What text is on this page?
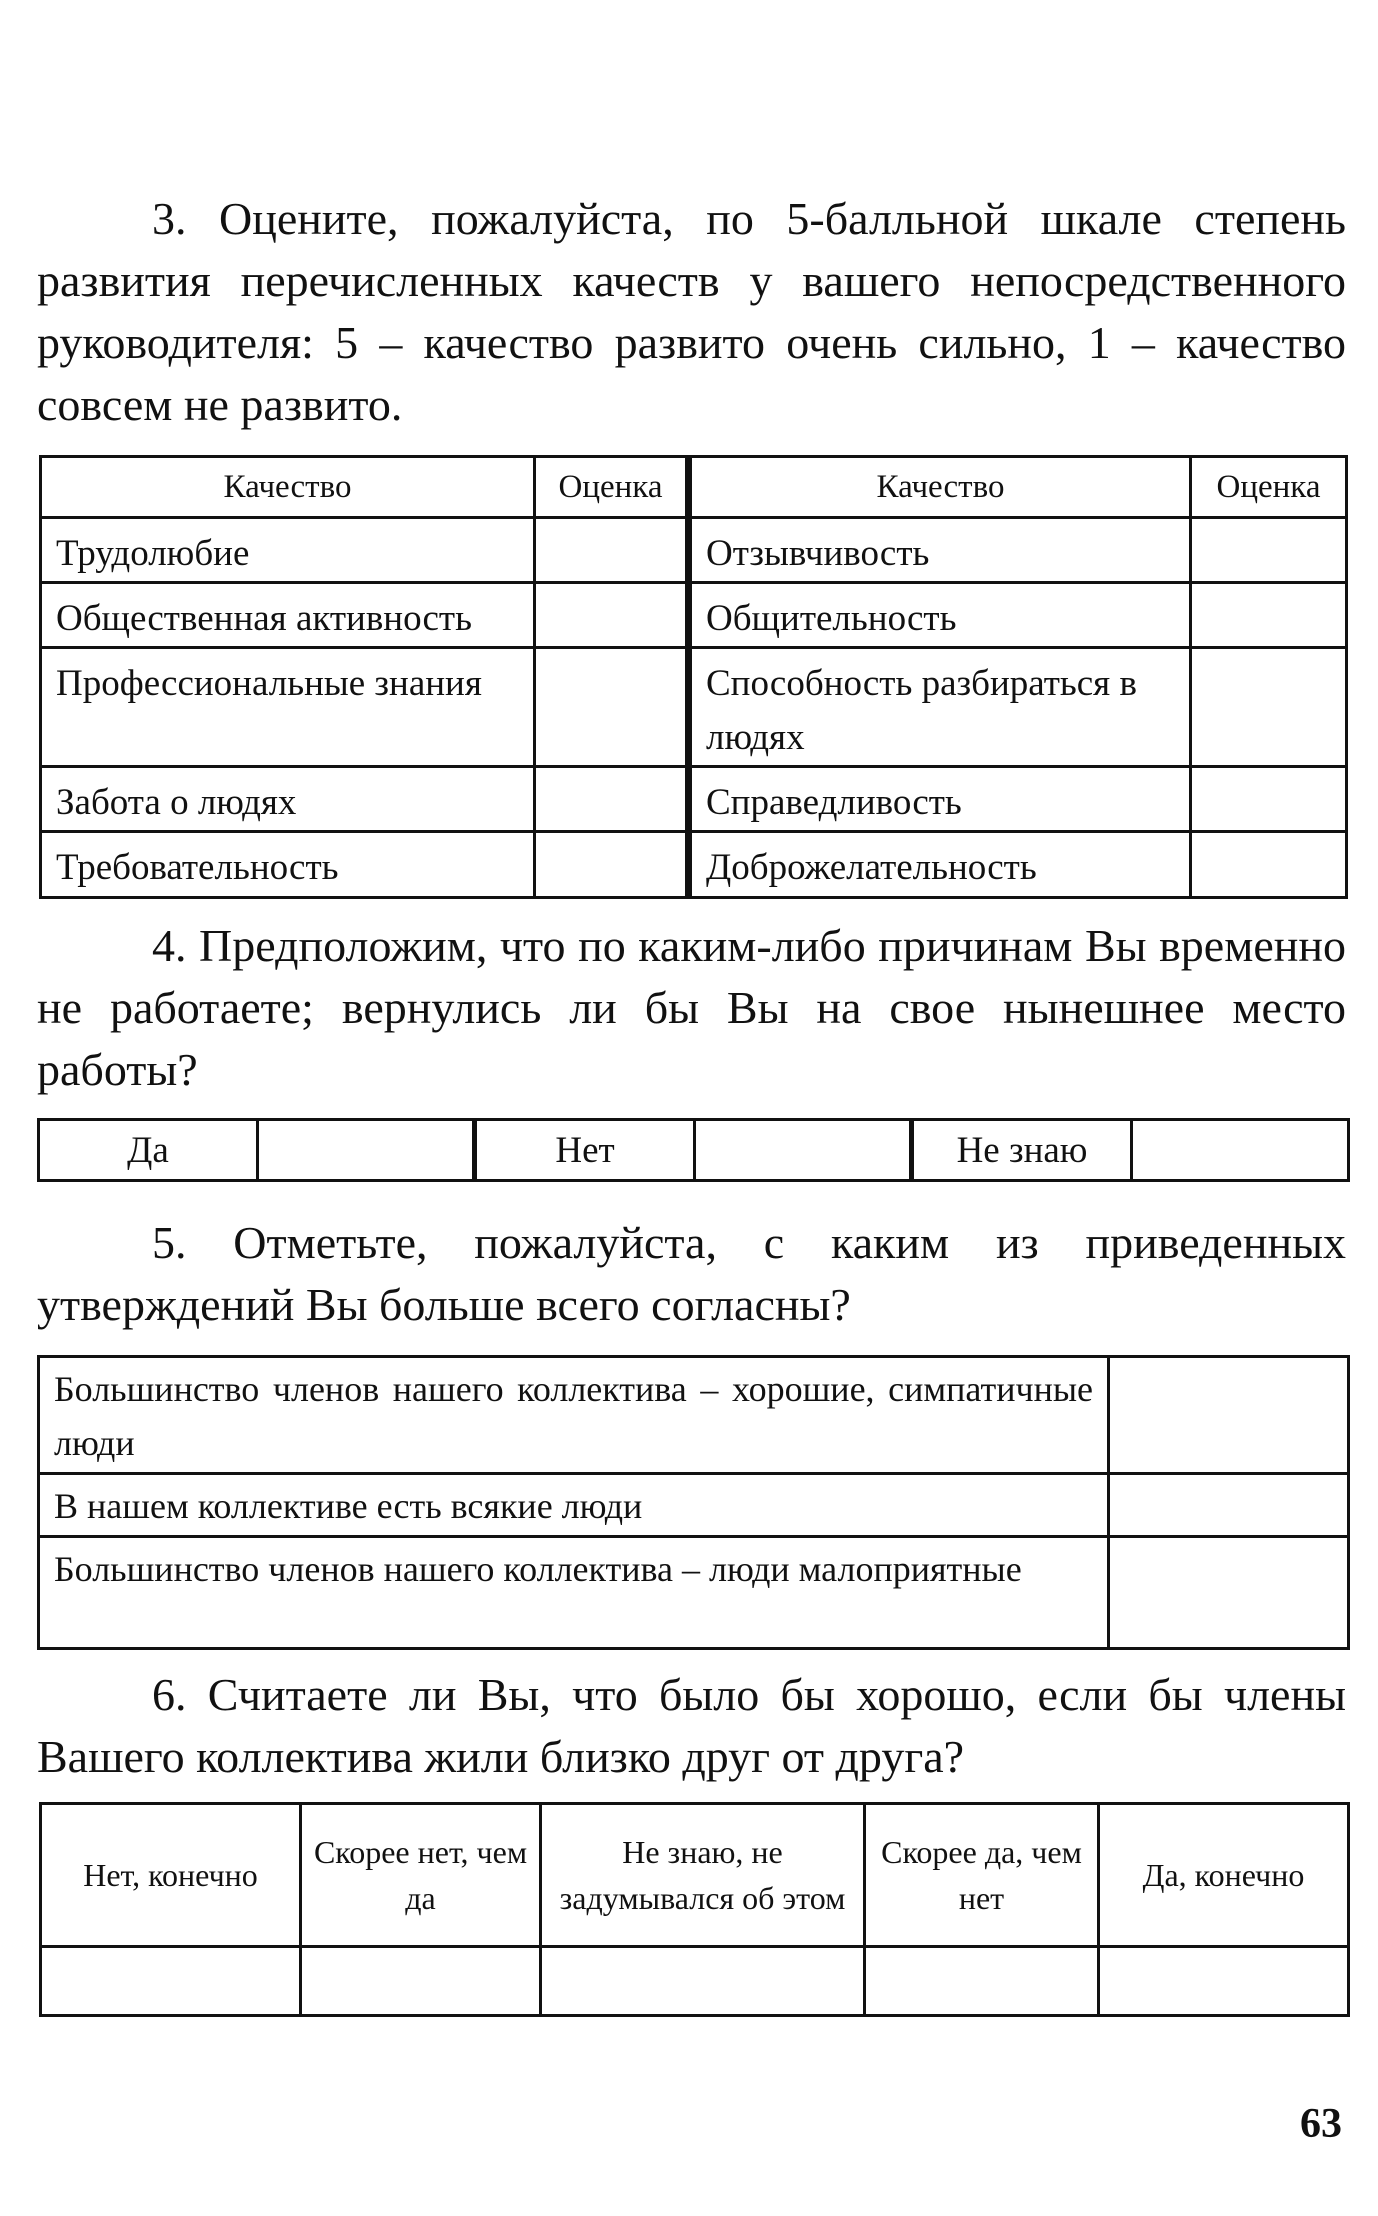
3. Оцените, пожалуйста, по 5-балльной шкале степень развития перечисленных качеств у вашего непосредственного руководителя: 5 – качество развито очень сильно, 1 – качество совсем не развито.

Качество	Оценка	Качество	Оценка
Трудолюбие		Отзывчивость	
Общественная активность		Общительность	
Профессиональные знания		Способность разбираться в людях	
Забота о людях		Справедливость	
Требовательность		Доброжелательность	

4. Предположим, что по каким-либо причинам Вы временно не работаете; вернулись ли бы Вы на свое нынешнее место работы?

Да		Нет		Не знаю	

5. Отметьте, пожалуйста, с каким из приведенных утверждений Вы больше всего согласны?

Большинство членов нашего коллектива – хорошие, симпатичные люди	
В нашем коллективе есть всякие люди	
Большинство членов нашего коллектива – люди малоприятные	

6. Считаете ли Вы, что было бы хорошо, если бы члены Вашего коллектива жили близко друг от друга?

Нет, конечно	Скорее нет, чем да	Не знаю, не задумывался об этом	Скорее да, чем нет	Да, конечно

63
